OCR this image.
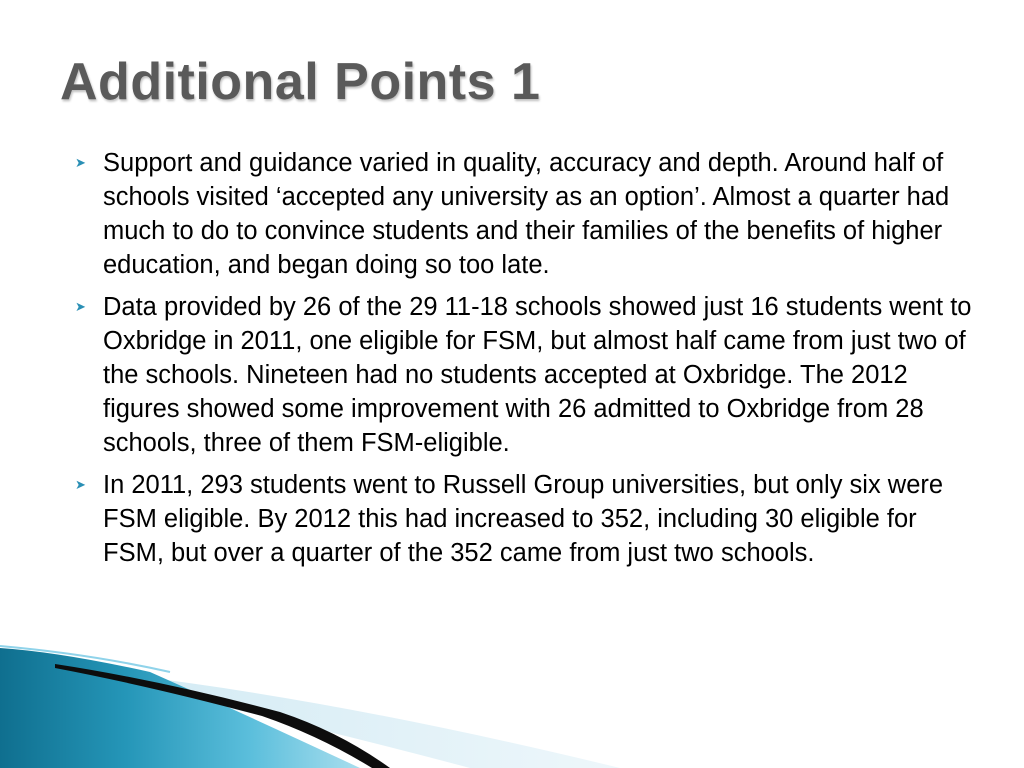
Additional Points 1
➤ Support and guidance varied in quality, accuracy and depth. Around half of schools visited ‘accepted any university as an option’. Almost a quarter had much to do to convince students and their families of the benefits of higher education, and began doing so too late.
➤ Data provided by 26 of the 29 11-18 schools showed just 16 students went to Oxbridge in 2011, one eligible for FSM, but almost half came from just two of the schools. Nineteen had no students accepted at Oxbridge. The 2012 figures showed some improvement with 26 admitted to Oxbridge from 28 schools, three of them FSM-eligible.
➤ In 2011, 293 students went to Russell Group universities, but only six were FSM eligible. By 2012 this had increased to 352, including 30 eligible for FSM, but over a quarter of the 352 came from just two schools.
